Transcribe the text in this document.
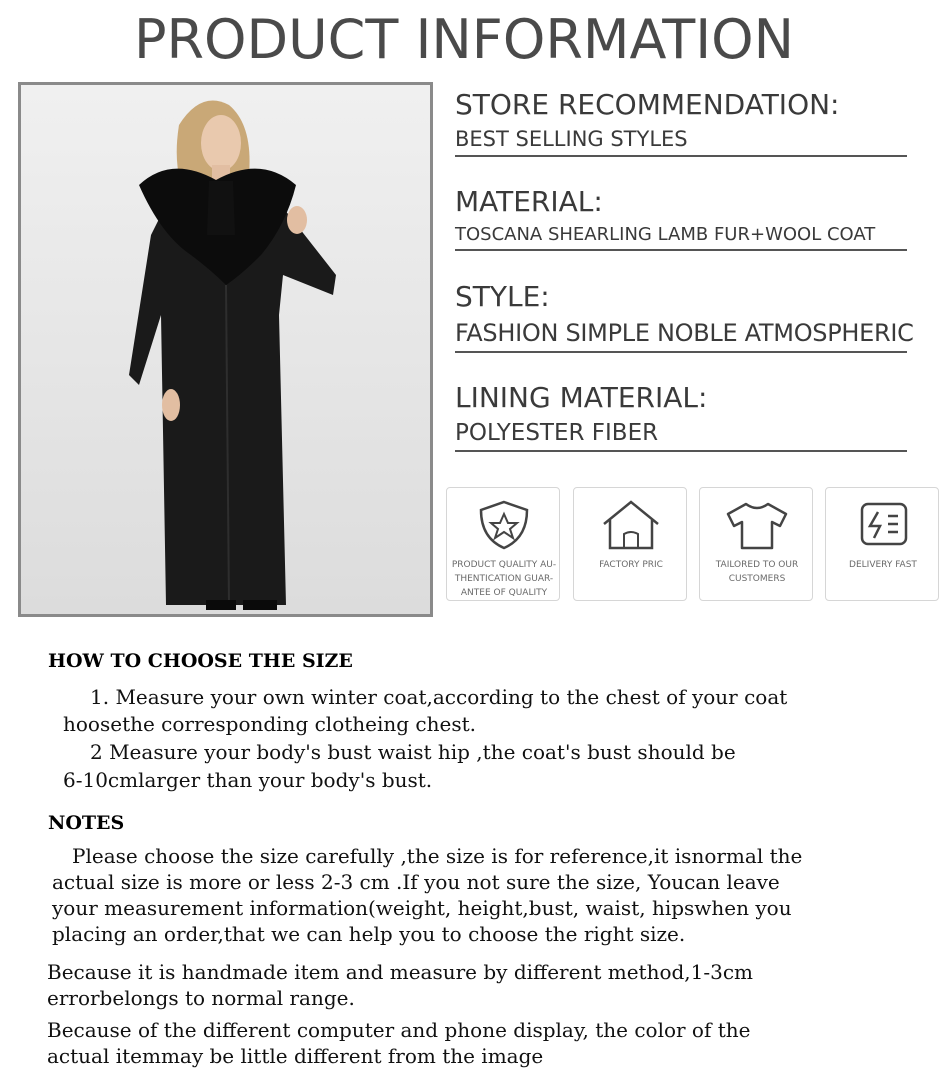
PRODUCT INFORMATION
STORE RECOMMENDATION:
BEST SELLING STYLES
MATERIAL:
TOSCANA SHEARLING LAMB FUR+WOOL COAT
STYLE:
FASHION SIMPLE NOBLE ATMOSPHERIC
LINING MATERIAL:
POLYESTER FIBER
PRODUCT QUALITY AU-
THENTICATION GUAR-
ANTEE OF QUALITY
FACTORY PRIC	TAILORED TO OUR
CUSTOMERS
DELIVERY FAST
HOW TO CHOOSE THE SIZE
1. Measure your own winter coat,according to the chest of your coat
hoosethe corresponding clotheing chest.
2 Measure your body's bust waist hip ,the coat's bust should be
6-10cmlarger than your body's bust.
NOTES
Please choose the size carefully ,the size is for reference,it isnormal the
actual size is more or less 2-3 cm .If you not sure the size, Youcan leave
your measurement information(weight, height,bust, waist, hipswhen you
placing an order,that we can help you to choose the right size.
Because it is handmade item and measure by different method,1-3cm
errorbelongs to normal range.
Because of the different computer and phone display, the color of the
actual itemmay be little different from the image
